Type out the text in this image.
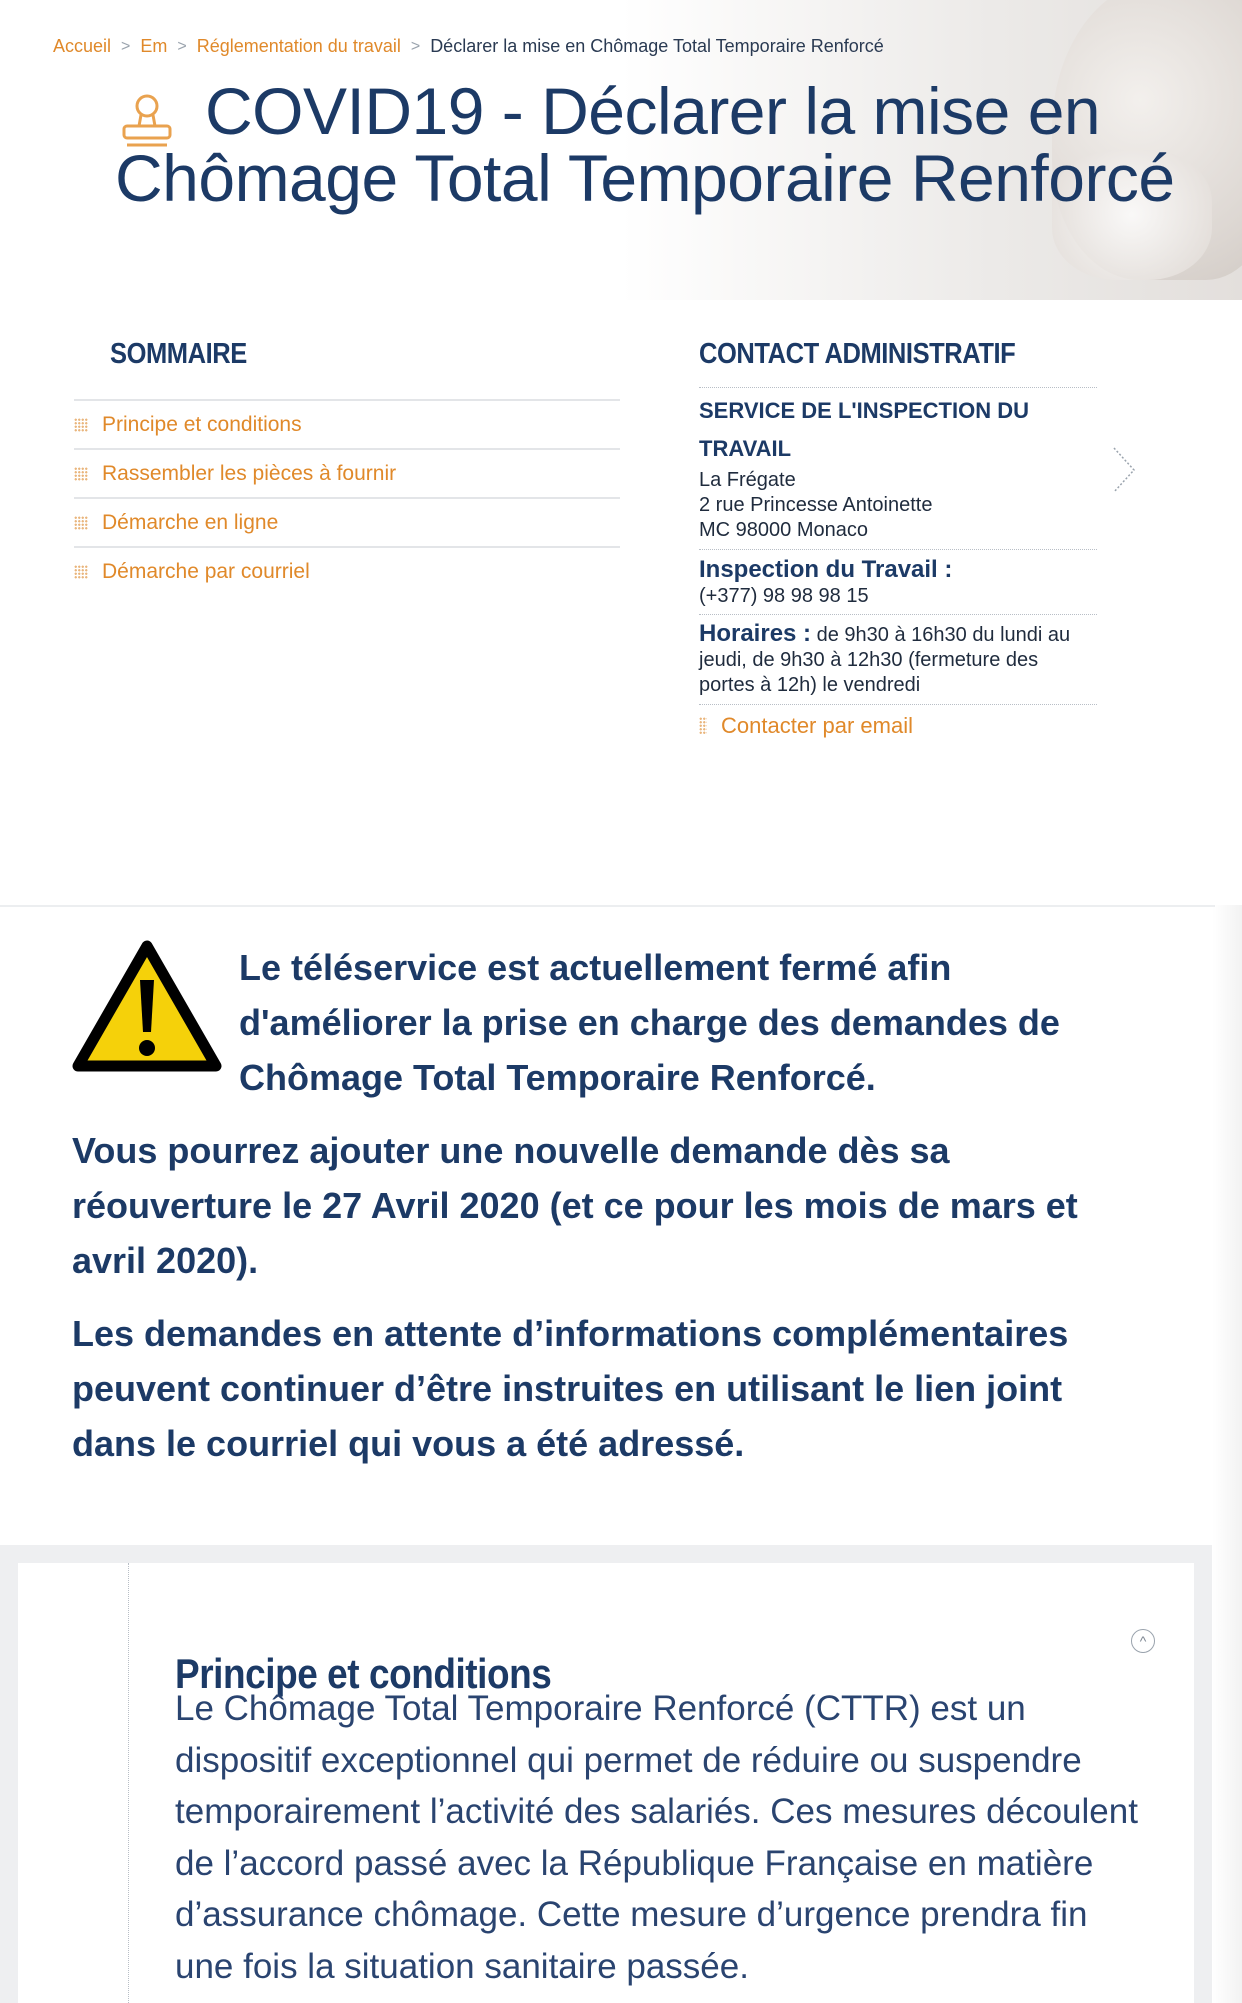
Accueil > Em > Réglementation du travail > Déclarer la mise en Chômage Total Temporaire Renforcé
COVID19 - Déclarer la mise en Chômage Total Temporaire Renforcé
SOMMAIRE
Principe et conditions
Rassembler les pièces à fournir
Démarche en ligne
Démarche par courriel
CONTACT ADMINISTRATIF
SERVICE DE L'INSPECTION DU TRAVAIL
La Frégate
2 rue Princesse Antoinette
MC 98000 Monaco
Inspection du Travail :
(+377) 98 98 98 15
Horaires : de 9h30 à 16h30 du lundi au jeudi, de 9h30 à 12h30 (fermeture des portes à 12h) le vendredi
Contacter par email

Le téléservice est actuellement fermé afin d'améliorer la prise en charge des demandes de Chômage Total Temporaire Renforcé.

Vous pourrez ajouter une nouvelle demande dès sa réouverture le 27 Avril 2020 (et ce pour les mois de mars et avril 2020).

Les demandes en attente d’informations complémentaires peuvent continuer d’être instruites en utilisant le lien joint dans le courriel qui vous a été adressé.

Principe et conditions
^
Le Chômage Total Temporaire Renforcé (CTTR) est un dispositif exceptionnel qui permet de réduire ou suspendre temporairement l’activité des salariés. Ces mesures découlent de l’accord passé avec la République Française en matière d’assurance chômage. Cette mesure d’urgence prendra fin une fois la situation sanitaire passée.
